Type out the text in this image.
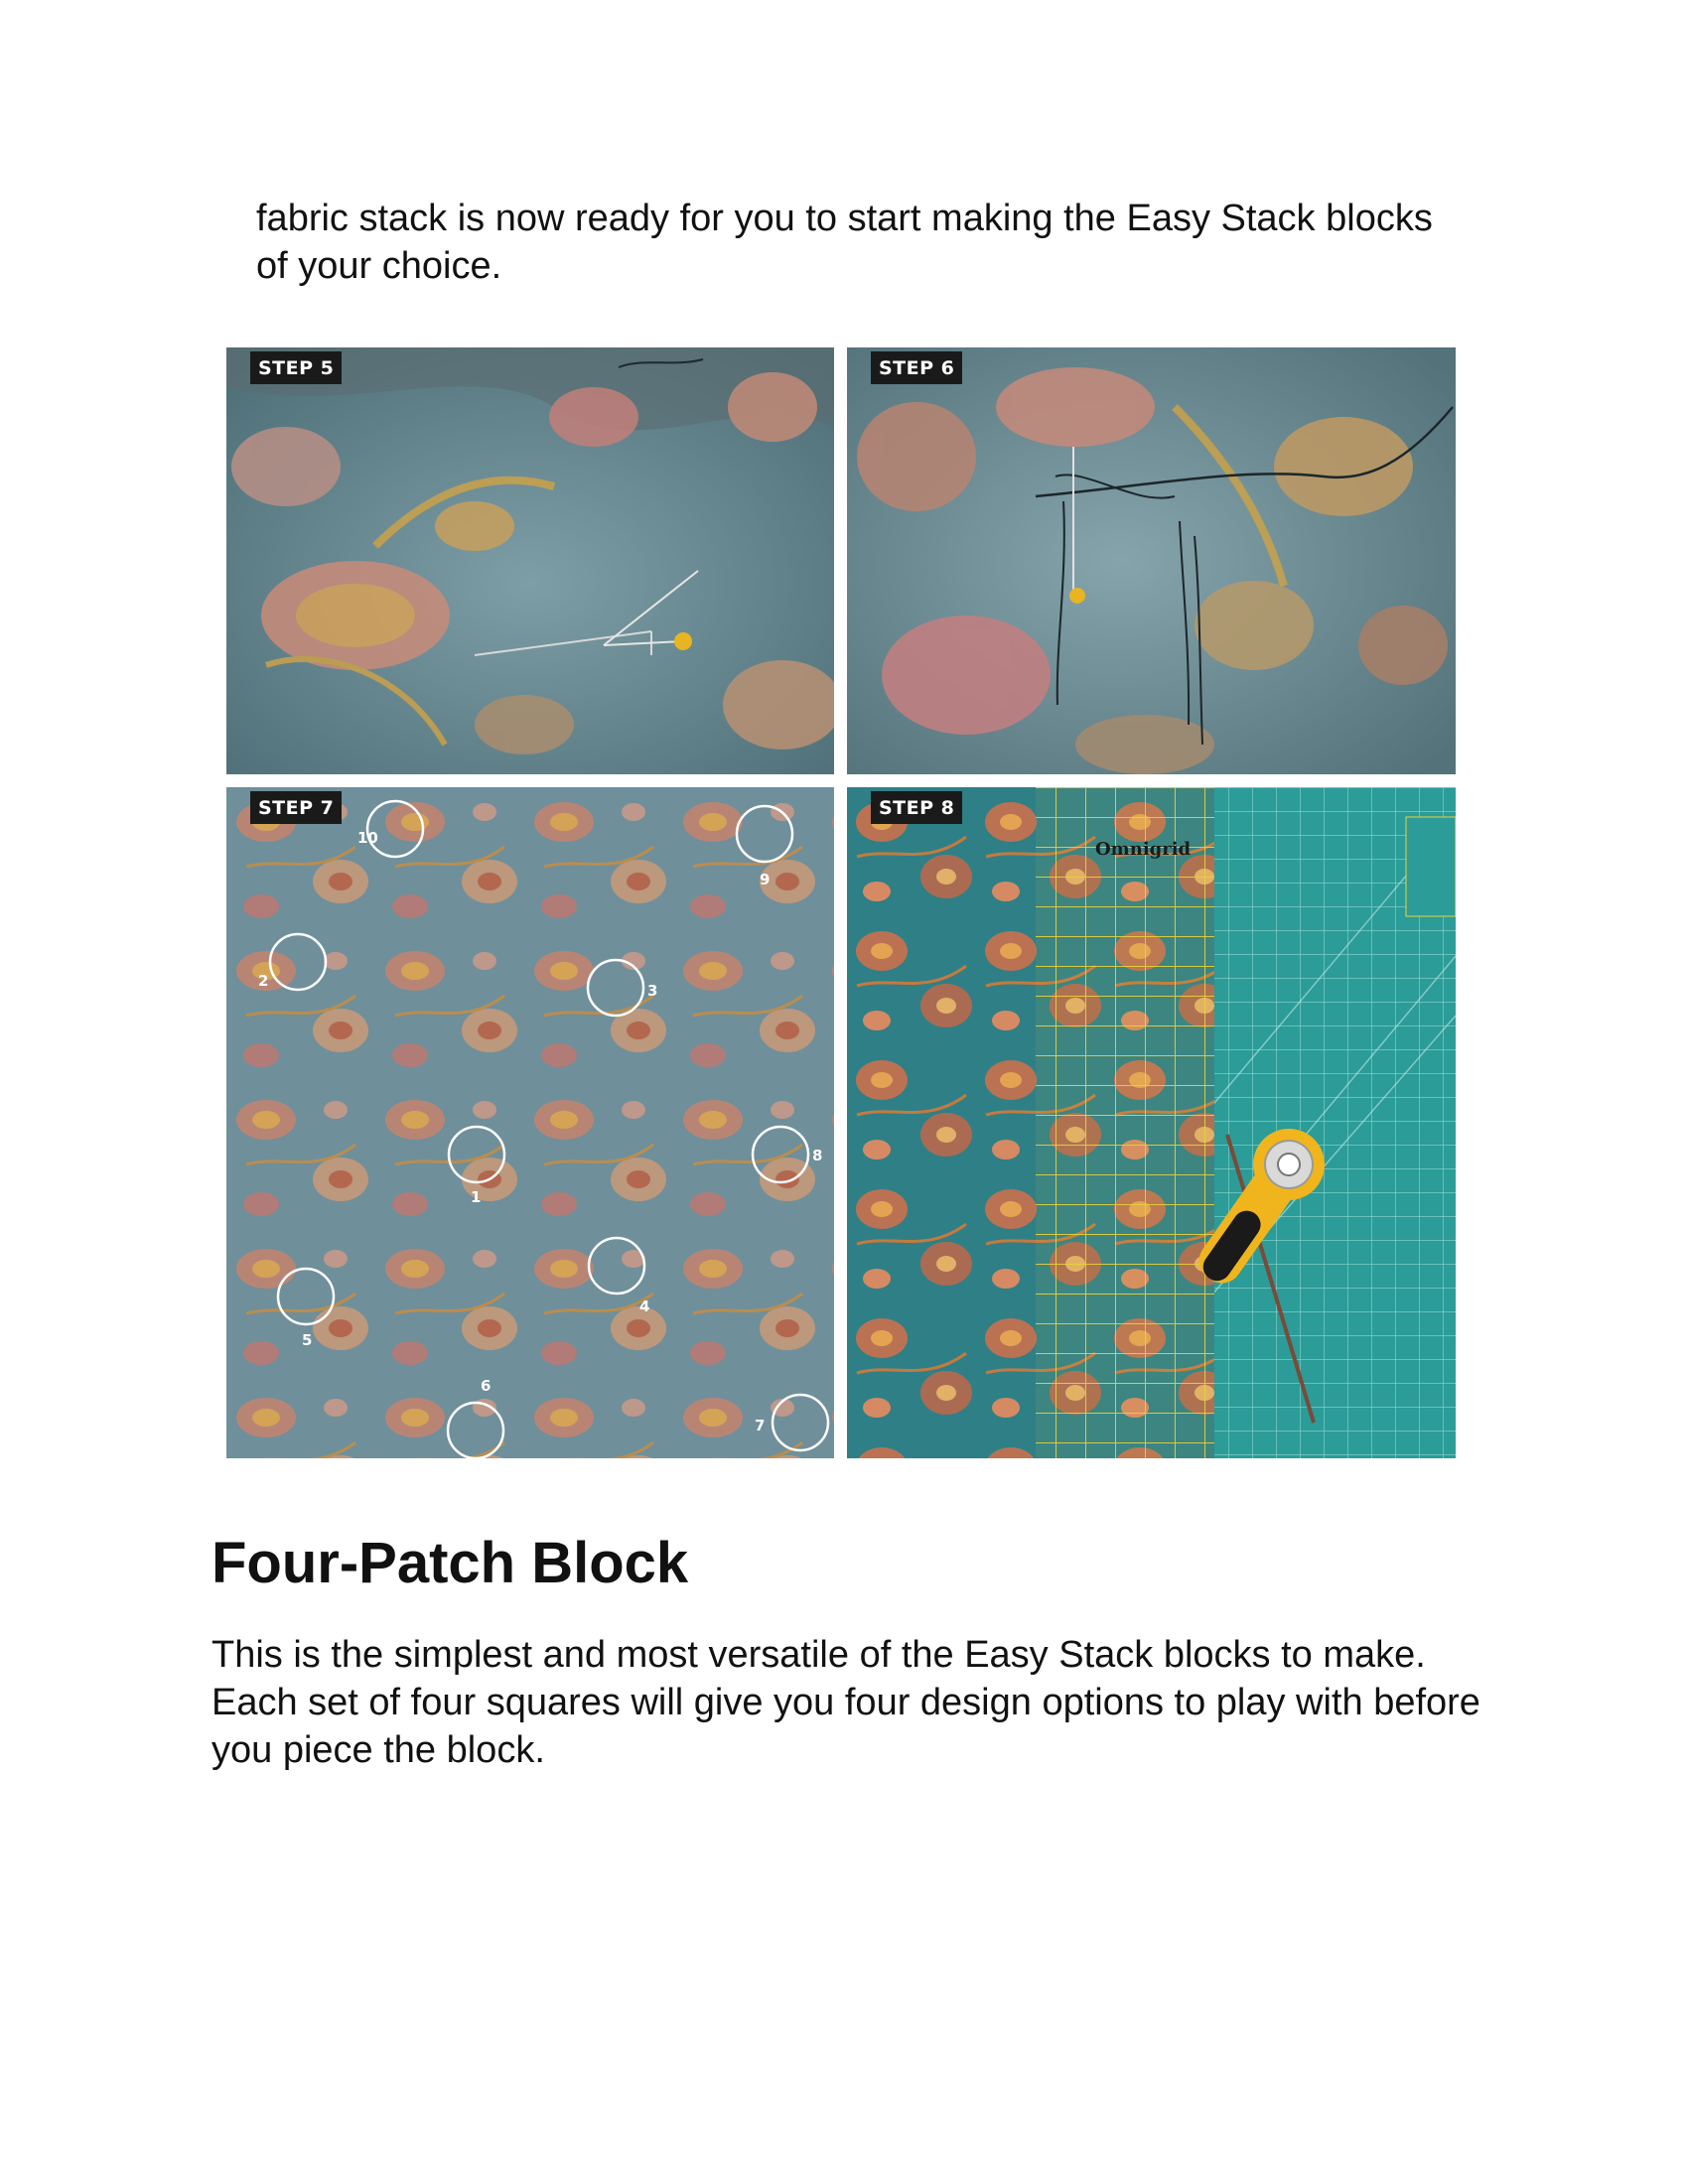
fabric stack is now ready for you to start making the Easy Stack blocks of your choice.

STEP 5	STEP 6
10
9
2
3
1
8
5
4
6
7
STEP 7
Omnigrid
STEP 8
Four-Patch Block

This is the simplest and most versatile of the Easy Stack blocks to make. Each set of four squares will give you four design options to play with before you piece the block.
